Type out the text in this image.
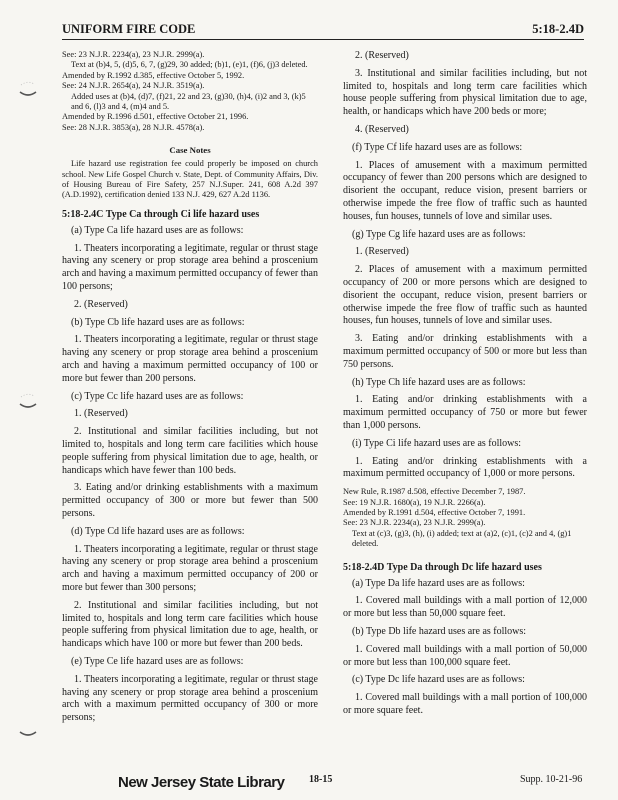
UNIFORM FIRE CODE	5:18-2.4D
See: 23 N.J.R. 2234(a), 23 N.J.R. 2999(a).
Text at (b)4, 5, (d)5, 6, 7, (g)29, 30 added; (b)1, (e)1, (f)6, (j)3 deleted.
Amended by R.1992 d.385, effective October 5, 1992.
See: 24 N.J.R. 2654(a), 24 N.J.R. 3519(a).
Added uses at (b)4, (d)7, (f)21, 22 and 23, (g)30, (h)4, (i)2 and 3, (k)5 and 6, (l)3 and 4, (m)4 and 5.
Amended by R.1996 d.501, effective October 21, 1996.
See: 28 N.J.R. 3853(a), 28 N.J.R. 4578(a).
Case Notes
Life hazard use registration fee could properly be imposed on church school. New Life Gospel Church v. State, Dept. of Community Affairs, Div. of Housing Bureau of Fire Safety, 257 N.J.Super. 241, 608 A.2d 397 (A.D.1992), certification denied 133 N.J. 429, 627 A.2d 1136.
5:18-2.4C Type Ca through Ci life hazard uses
(a) Type Ca life hazard uses are as follows:
1. Theaters incorporating a legitimate, regular or thrust stage having any scenery or prop storage area behind a proscenium arch and having a maximum permitted occupancy of fewer than 100 persons;
2. (Reserved)
(b) Type Cb life hazard uses are as follows:
1. Theaters incorporating a legitimate, regular or thrust stage having any scenery or prop storage area behind a proscenium arch and having a maximum permitted occupancy of 100 or more but fewer than 200 persons.
(c) Type Cc life hazard uses are as follows:
1. (Reserved)
2. Institutional and similar facilities including, but not limited to, hospitals and long term care facilities which house people suffering from physical limitation due to age, health, or handicaps which have fewer than 100 beds.
3. Eating and/or drinking establishments with a maximum permitted occupancy of 300 or more but fewer than 500 persons.
(d) Type Cd life hazard uses are as follows:
1. Theaters incorporating a legitimate, regular or thrust stage having any scenery or prop storage area behind a proscenium arch and having a maximum permitted occupancy of 200 or more but fewer than 300 persons;
2. Institutional and similar facilities including, but not limited to, hospitals and long term care facilities which house people suffering from physical limitation due to age, health, or handicaps which have 100 or more but fewer than 200 beds.
(e) Type Ce life hazard uses are as follows:
1. Theaters incorporating a legitimate, regular or thrust stage having any scenery or prop storage area behind a proscenium arch with a maximum permitted occupancy of 300 or more persons;
2. (Reserved)
3. Institutional and similar facilities including, but not limited to, hospitals and long term care facilities which house people suffering from physical limitation due to age, health, or handicaps which have 200 beds or more;
4. (Reserved)
(f) Type Cf life hazard uses are as follows:
1. Places of amusement with a maximum permitted occupancy of fewer than 200 persons which are designed to disorient the occupant, reduce vision, present barriers or otherwise impede the free flow of traffic such as haunted houses, fun houses, tunnels of love and similar uses.
(g) Type Cg life hazard uses are as follows:
1. (Reserved)
2. Places of amusement with a maximum permitted occupancy of 200 or more persons which are designed to disorient the occupant, reduce vision, present barriers or otherwise impede the free flow of traffic such as haunted houses, fun houses, tunnels of love and similar uses.
3. Eating and/or drinking establishments with a maximum permitted occupancy of 500 or more but less than 750 persons.
(h) Type Ch life hazard uses are as follows:
1. Eating and/or drinking establishments with a maximum permitted occupancy of 750 or more but fewer than 1,000 persons.
(i) Type Ci life hazard uses are as follows:
1. Eating and/or drinking establishments with a maximum permitted occupancy of 1,000 or more persons.
New Rule, R.1987 d.508, effective December 7, 1987.
See: 19 N.J.R. 1680(a), 19 N.J.R. 2266(a).
Amended by R.1991 d.504, effective October 7, 1991.
See: 23 N.J.R. 2234(a), 23 N.J.R. 2999(a).
Text at (c)3, (g)3, (h), (i) added; text at (a)2, (c)1, (c)2 and 4, (g)1 deleted.
5:18-2.4D Type Da through Dc life hazard uses
(a) Type Da life hazard uses are as follows:
1. Covered mall buildings with a mall portion of 12,000 or more but less than 50,000 square feet.
(b) Type Db life hazard uses are as follows:
1. Covered mall buildings with a mall portion of 50,000 or more but less than 100,000 square feet.
(c) Type Dc life hazard uses are as follows:
1. Covered mall buildings with a mall portion of 100,000 or more square feet.
New Jersey State Library 18-15	Supp. 10-21-96
